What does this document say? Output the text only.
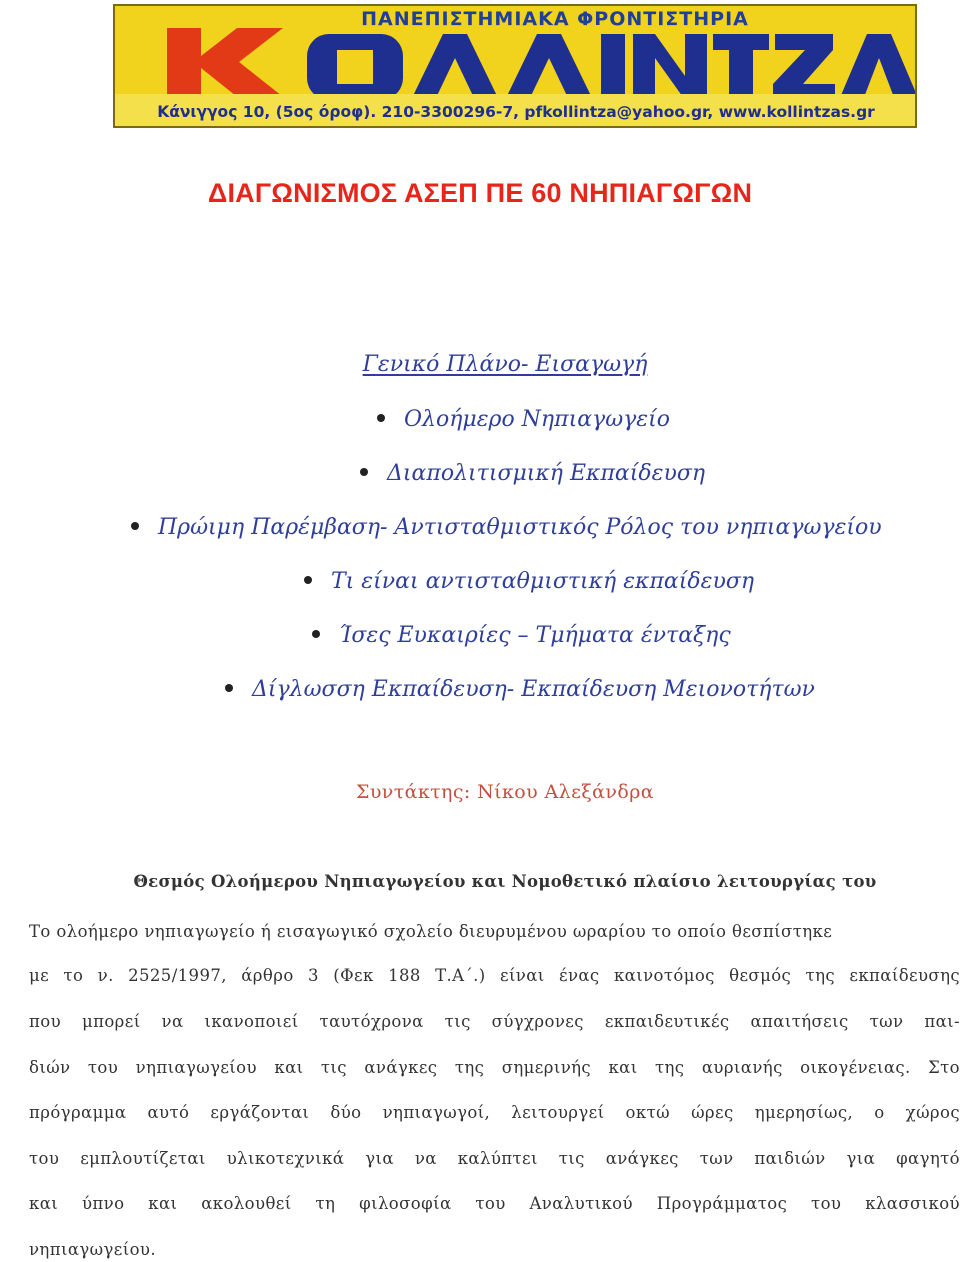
ΠΑΝΕΠΙΣΤΗΜΙΑΚΑ ΦΡΟΝΤΙΣΤΗΡΙΑ
Κάνιγγος 10, (5ος όροφ). 210-3300296-7, pfkollintza@yahoo.gr, www.kollintzas.gr
ΔΙΑΓΩΝΙΣΜΟΣ ΑΣΕΠ ΠΕ 60 ΝΗΠΙΑΓΩΓΩΝ
Γενικό Πλάνο- Εισαγωγή
Ολοήμερο Νηπιαγωγείο
Διαπολιτισμική Εκπαίδευση
Πρώιμη Παρέμβαση- Αντισταθμιστικός Ρόλος του νηπιαγωγείου
Τι είναι αντισταθμιστική εκπαίδευση
Ίσες Ευκαιρίες – Τμήματα ένταξης
Δίγλωσση Εκπαίδευση- Εκπαίδευση Μειονοτήτων
Συντάκτης: Νίκου Αλεξάνδρα
Θεσμός Ολοήμερου Νηπιαγωγείου και Νομοθετικό πλαίσιο λειτουργίας του
Το ολοήμερο νηπιαγωγείο ή εισαγωγικό σχολείο διευρυμένου ωραρίου το οποίο θεσπίστηκε
με το ν. 2525/1997, άρθρο 3 (Φεκ 188 Τ.Α΄.) είναι ένας καινοτόμος θεσμός της εκπαίδευσης
που μπορεί να ικανοποιεί ταυτόχρονα τις σύγχρονες εκπαιδευτικές απαιτήσεις των παι-
διών του νηπιαγωγείου και τις ανάγκες της σημερινής και της αυριανής οικογένειας. Στο
πρόγραμμα αυτό εργάζονται δύο νηπιαγωγοί, λειτουργεί οκτώ ώρες ημερησίως, ο χώρος
του εμπλουτίζεται υλικοτεχνικά για να καλύπτει τις ανάγκες των παιδιών για φαγητό
και ύπνο και ακολουθεί τη φιλοσοφία του Αναλυτικού Προγράμματος του κλασσικού
νηπιαγωγείου.
